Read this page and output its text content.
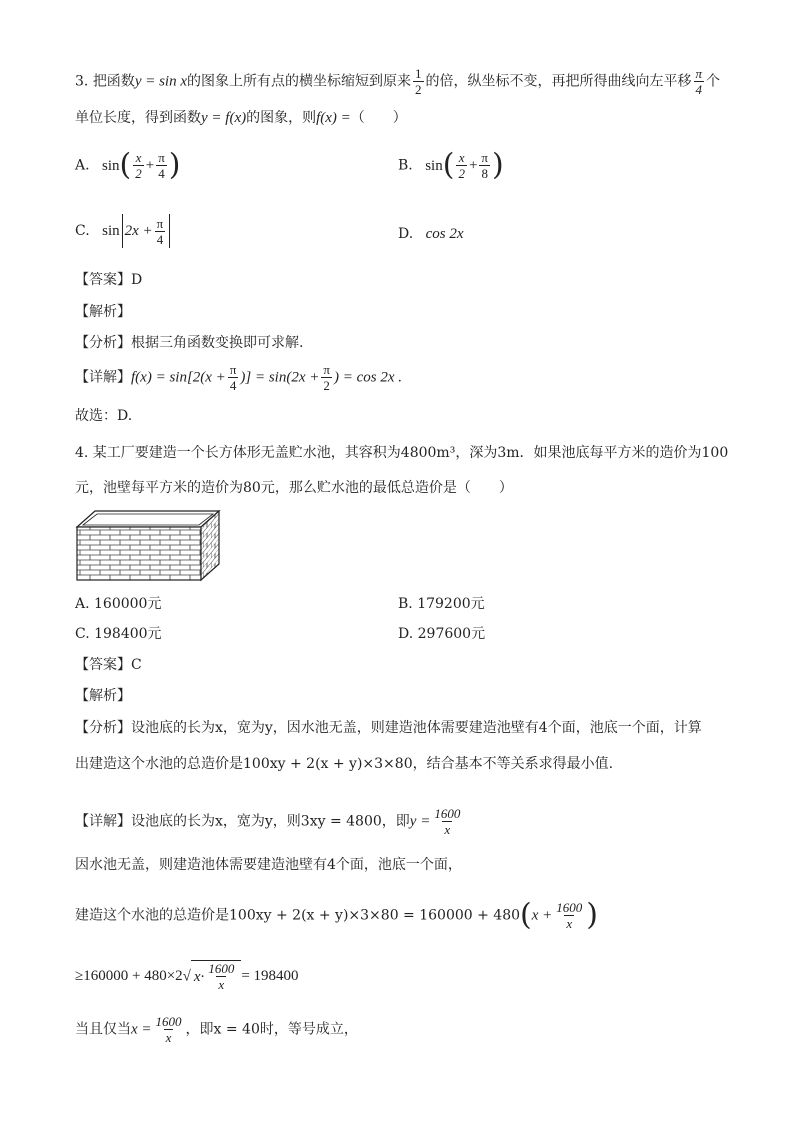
3. 把函数y = sin x的图象上所有点的横坐标缩短到原来 $\frac{1}{2}$ 的倍，纵坐标不变，再把所得曲线向左平移 $\frac{\pi}{4}$ 个
单位长度，得到函数y = f(x)的图象，则f(x) =（　　）
A. $\sin( \frac{x}{2} + \frac{\pi}{4}$ )	B. $\sin( \frac{x}{2} + \frac{\pi}{8}$ )
C. $\sin 2x + \frac{\pi}{4}$	D. cos 2x
【答案】D
【解析】
【分析】根据三角函数变换即可求解.
【详解】$f(x) = \sin[2(x + \frac{\pi}{4}$ )] = $\sin(2x + \frac{\pi}{2}$ ) = cos 2x .
故选：D.
4. 某工厂要建造一个长方体形无盖贮水池，其容积为4800m³，深为3m．如果池底每平方米的造价为100
元，池壁每平方米的造价为80元，那么贮水池的最低总造价是（　　）
A. 160000元	B. 179200元
C. 198400元	D. 297600元
【答案】C
【解析】
【分析】设池底的长为x，宽为y，因水池无盖，则建造池体需要建造池壁有4个面，池底一个面，计算
出建造这个水池的总造价是100xy + 2(x + y)×3×80，结合基本不等关系求得最小值.
【详解】设池底的长为x，宽为y，则3xy = 4800，即$y = \frac{1600}{x}$
因水池无盖，则建造池体需要建造池壁有4个面，池底一个面，
建造这个水池的总造价是$100xy + 2(x + y)\times 3\times 80 = 160000 + 480(x + \frac{1600}{x}$ )
≥160000 + 480×2√ $x\cdot \frac{1600}{x} = 198400$
当且仅当$x = \frac{1600}{x}$ ，即x = 40时，等号成立，
